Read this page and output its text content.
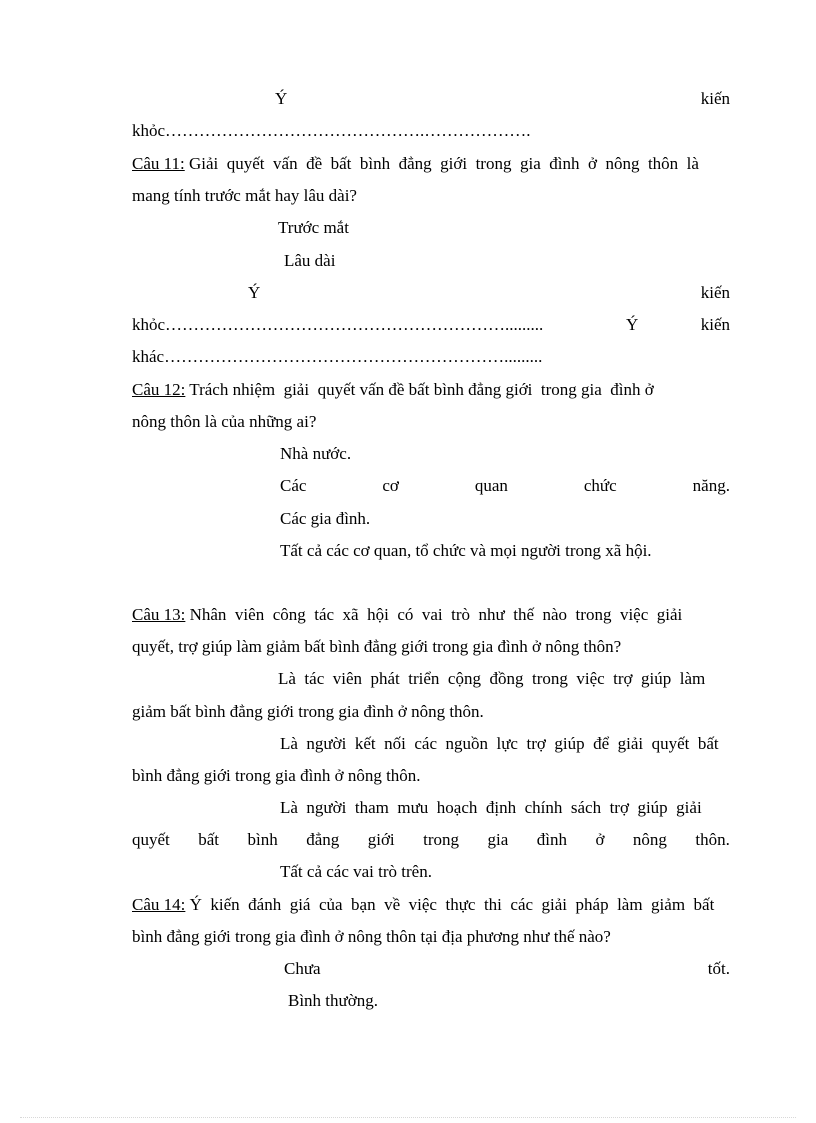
Ý	kiến
khỏc……………………………………….……………….
Câu 11: Giải  quyết  vấn  đề  bất  bình  đẳng  giới  trong  gia  đình  ở  nông  thôn  là
mang tính trước mắt hay lâu dài?
Trước mắt
Lâu dài
Ý	kiến
khỏc…………………………………………………….........	Ý	kiến
khác…………………………………………………….........
Câu 12: Trách nhiệm  giải  quyết vấn đề bất bình đẳng giới  trong gia  đình ở
nông thôn là của những ai?
Nhà nước.
Các	cơ	quan	chức	năng.
Các gia đình.
Tất cả các cơ quan, tổ chức và mọi người trong xã hội.
Câu 13: Nhân  viên  công  tác  xã  hội  có  vai  trò  như  thế  nào  trong  việc  giải
quyết, trợ giúp làm giảm bất bình đẳng giới trong gia đình ở nông thôn?
Là  tác  viên  phát  triển  cộng  đồng  trong  việc  trợ  giúp  làm
giảm bất bình đẳng giới trong gia đình ở nông thôn.
Là  người  kết  nối  các  nguồn  lực  trợ  giúp  để  giải  quyết  bất
bình đẳng giới trong gia đình ở nông thôn.
Là  người  tham  mưu  hoạch  định  chính  sách  trợ  giúp  giải
quyết bất bình đẳng giới trong gia đình ở nông thôn.
Tất cả các vai trò trên.
Câu 14: Ý  kiến  đánh  giá  của  bạn  về  việc  thực  thi  các  giải  pháp  làm  giảm  bất
bình đẳng giới trong gia đình ở nông thôn tại địa phương như thế nào?
Chưa	tốt.
Bình thường.
